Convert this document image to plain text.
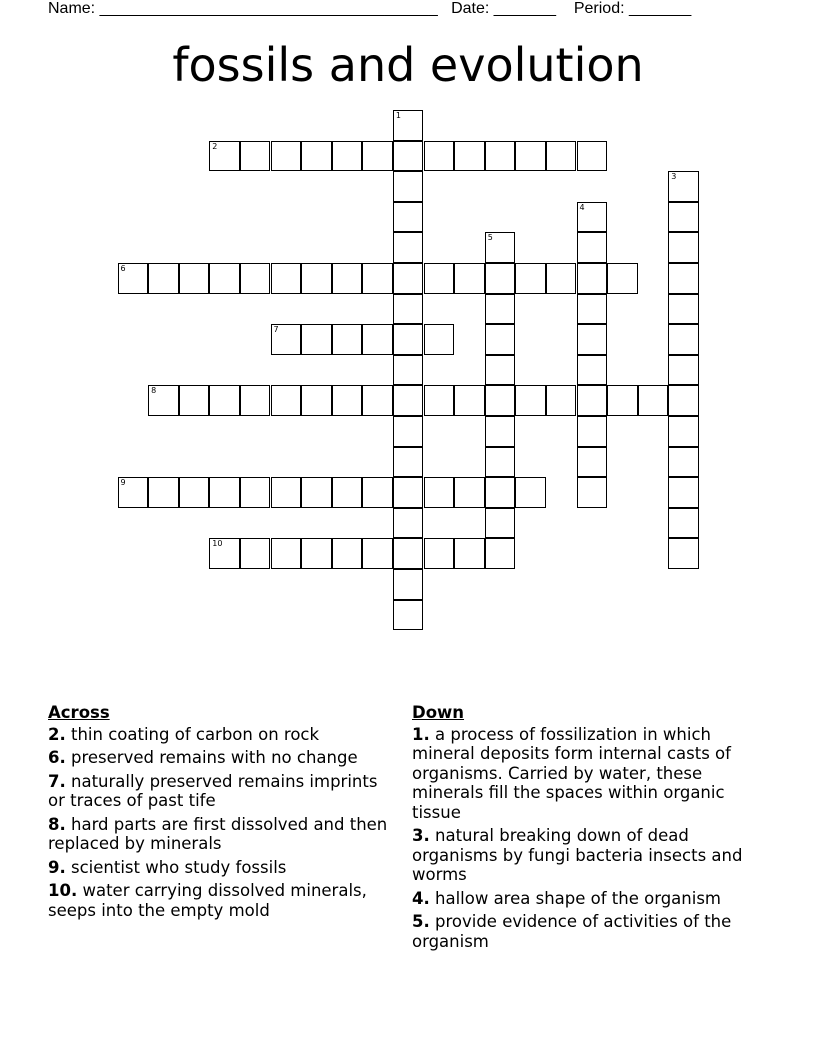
Name: ______________________________________ Date: _______ Period: _______
fossils and evolution
1
2
3
4
5
6
7
8
9
10
Across
2. thin coating of carbon on rock
6. preserved remains with no change
7. naturally preserved remains imprints or traces of past tife
8. hard parts are first dissolved and then replaced by minerals
9. scientist who study fossils
10. water carrying dissolved minerals, seeps into the empty mold
Down
1. a process of fossilization in which mineral deposits form internal casts of organisms. Carried by water, these minerals fill the spaces within organic tissue
3. natural breaking down of dead organisms by fungi bacteria insects and worms
4. hallow area shape of the organism
5. provide evidence of activities of the organism
